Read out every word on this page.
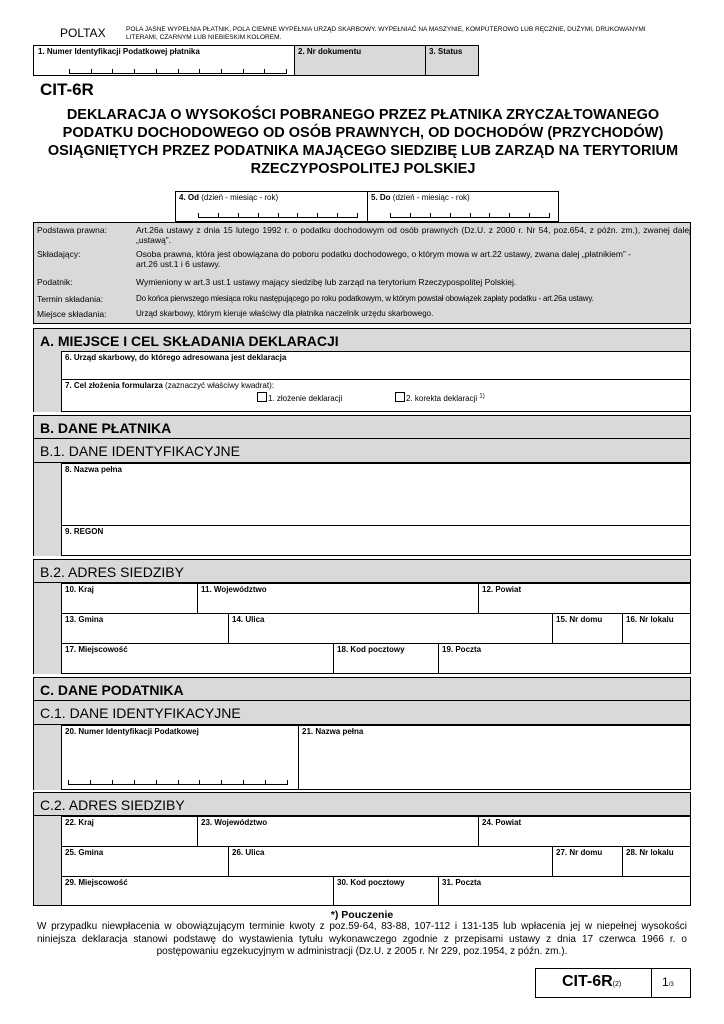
POLTAX	POLA JASNE WYPEŁNIA PŁATNIK, POLA CIEMNE WYPEŁNIA URZĄD SKARBOWY. WYPEŁNIAĆ NA MASZYNIE, KOMPUTEROWO LUB RĘCZNIE, DUŻYMI, DRUKOWANYMI LITERAMI, CZARNYM LUB NIEBIESKIM KOLOREM.
1. Numer Identyfikacji Podatkowej płatnika	2. Nr dokumentu	3. Status
CIT-6R
DEKLARACJA O WYSOKOŚCI POBRANEGO PRZEZ PŁATNIKA ZRYCZAŁTOWANEGO PODATKU DOCHODOWEGO OD OSÓB PRAWNYCH, OD DOCHODÓW (PRZYCHODÓW) OSIĄGNIĘTYCH PRZEZ PODATNIKA MAJĄCEGO SIEDZIBĘ LUB ZARZĄD NA TERYTORIUM RZECZYPOSPOLITEJ POLSKIEJ
4. Od (dzień - miesiąc - rok)	5. Do (dzień - miesiąc - rok)
Podstawa prawna:	Art.26a ustawy z dnia 15 lutego 1992 r. o podatku dochodowym od osób prawnych (Dz.U. z 2000 r. Nr 54, poz.654, z późn. zm.), zwanej dalej „ustawą”.
Składający:	Osoba prawna, która jest obowiązana do poboru podatku dochodowego, o którym mowa w art.22 ustawy, zwana dalej „płatnikiem” - art.26 ust.1 i 6 ustawy.
Podatnik:	Wymieniony w art.3 ust.1 ustawy mający siedzibę lub zarząd na terytorium Rzeczypospolitej Polskiej.
Termin składania:	Do końca pierwszego miesiąca roku następującego po roku podatkowym, w którym powstał obowiązek zapłaty podatku - art.26a ustawy.
Miejsce składania:	Urząd skarbowy, którym kieruje właściwy dla płatnika naczelnik urzędu skarbowego.
A. MIEJSCE I CEL SKŁADANIA DEKLARACJI
6. Urząd skarbowy, do którego adresowana jest deklaracja
7. Cel złożenia formularza (zaznaczyć właściwy kwadrat):
1. złożenie deklaracji	2. korekta deklaracji $^{1)}$
B. DANE PŁATNIKA
B.1. DANE IDENTYFIKACYJNE
8. Nazwa pełna
9. REGON
B.2. ADRES SIEDZIBY
10. Kraj	11. Województwo	12. Powiat
13. Gmina	14. Ulica	15. Nr domu	16. Nr lokalu
17. Miejscowość	18. Kod pocztowy	19. Poczta
C. DANE PODATNIKA
C.1. DANE IDENTYFIKACYJNE
20. Numer Identyfikacji Podatkowej	21. Nazwa pełna
C.2. ADRES SIEDZIBY
22. Kraj	23. Województwo	24. Powiat
25. Gmina	26. Ulica	27. Nr domu	28. Nr lokalu
29. Miejscowość	30. Kod pocztowy	31. Poczta
*) Pouczenie
W przypadku niewpłacenia w obowiązującym terminie kwoty z poz.59-64, 83-88, 107-112 i 131-135 lub wpłacenia jej w niepełnej wysokości niniejsza deklaracja stanowi podstawę do wystawienia tytułu wykonawczego zgodnie z przepisami ustawy z dnia 17 czerwca 1966 r. o postępowaniu egzekucyjnym w administracji (Dz.U. z 2005 r. Nr 229, poz.1954, z późn. zm.).
CIT-6R(2)	1/3
